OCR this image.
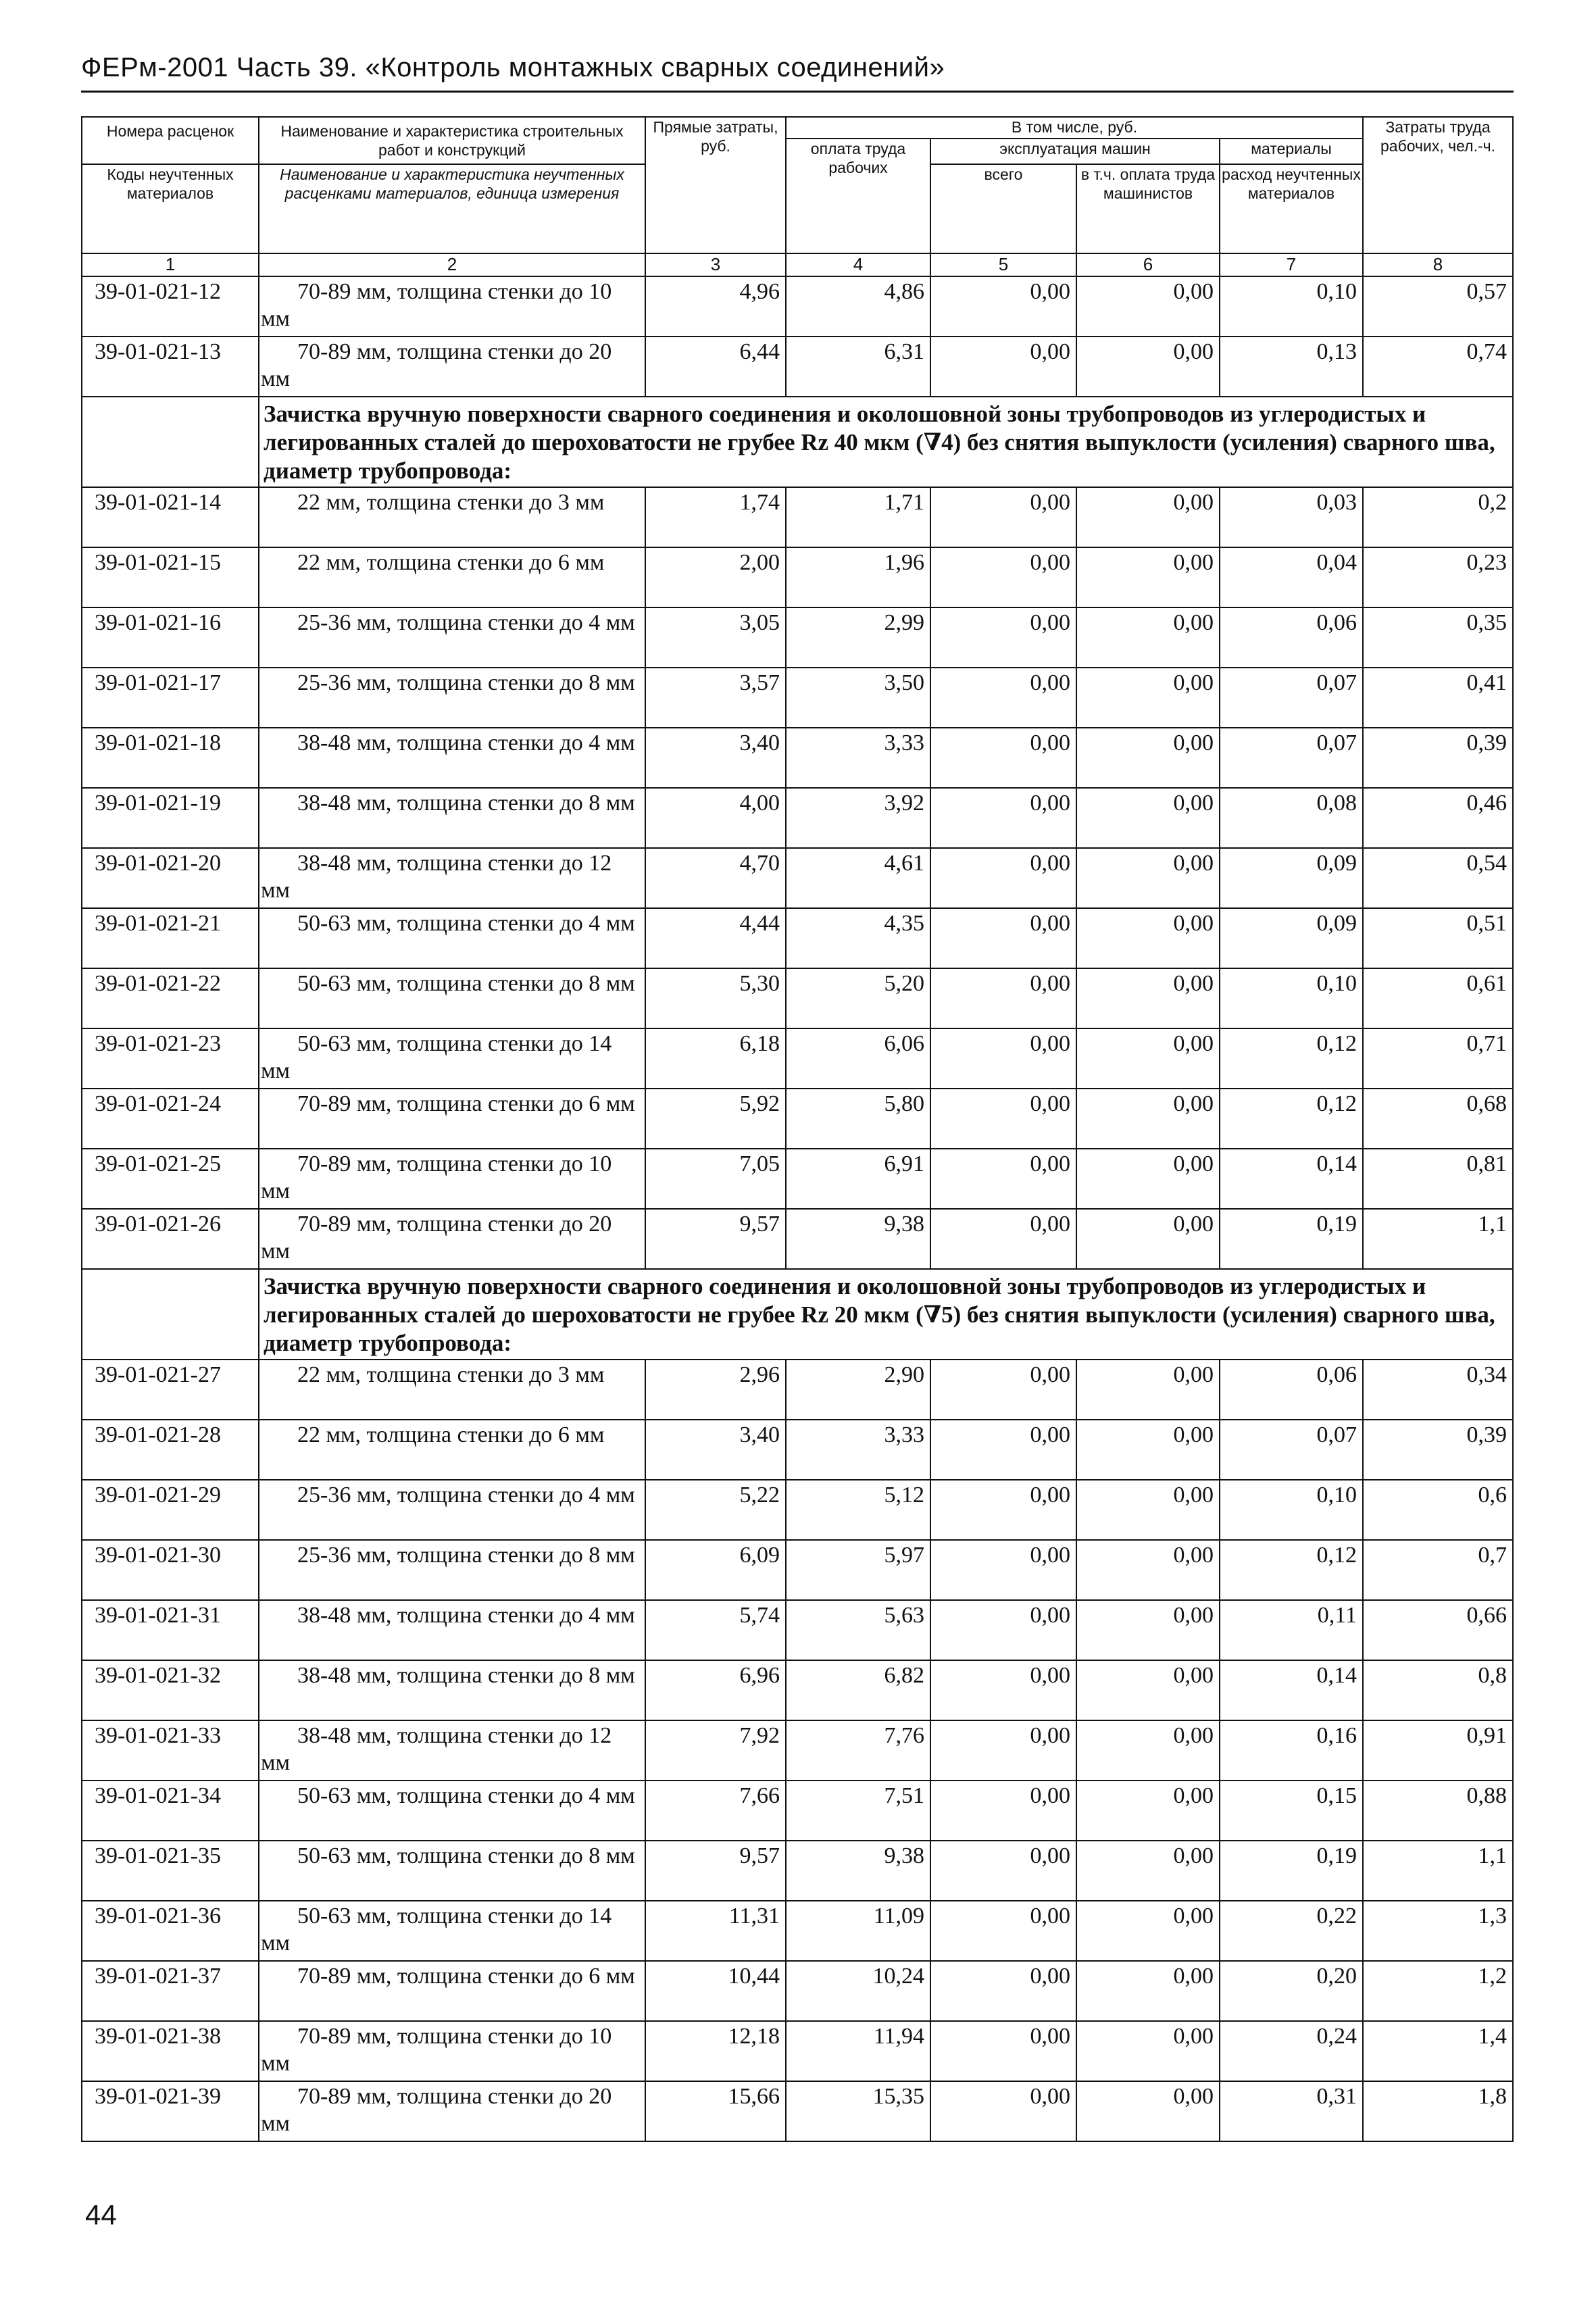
ФЕРм-2001 Часть 39. «Контроль монтажных сварных соединений»
Номера расценок	Наименование и характеристика строительных работ и конструкций	Прямые затраты, руб.	В том числе, руб.				Затраты труда рабочих, чел.-ч.
			оплата труда рабочих	эксплуатация машин		материалы	
Коды неучтенных материалов	Наименование и характеристика неучтенных расценками материалов, единица измерения			всего	в т.ч. оплата труда машинистов	расход неучтенных материалов	

1	2	3	4	5	6	7	8
39-01-021-12	70-89 мм, толщина стенки до 10 мм	4,96	4,86	0,00	0,00	0,10	0,57
39-01-021-13	70-89 мм, толщина стенки до 20 мм	6,44	6,31	0,00	0,00	0,13	0,74
	Зачистка вручную поверхности сварного соединения и околошовной зоны трубопроводов из углеродистых и легированных сталей до шероховатости не грубее Rz 40 мкм (∇4) без снятия выпуклости (усиления) сварного шва, диаметр трубопровода:						
39-01-021-14	22 мм, толщина стенки до 3 мм	1,74	1,71	0,00	0,00	0,03	0,2
39-01-021-15	22 мм, толщина стенки до 6 мм	2,00	1,96	0,00	0,00	0,04	0,23
39-01-021-16	25-36 мм, толщина стенки до 4 мм	3,05	2,99	0,00	0,00	0,06	0,35
39-01-021-17	25-36 мм, толщина стенки до 8 мм	3,57	3,50	0,00	0,00	0,07	0,41
39-01-021-18	38-48 мм, толщина стенки до 4 мм	3,40	3,33	0,00	0,00	0,07	0,39
39-01-021-19	38-48 мм, толщина стенки до 8 мм	4,00	3,92	0,00	0,00	0,08	0,46
39-01-021-20	38-48 мм, толщина стенки до 12 мм	4,70	4,61	0,00	0,00	0,09	0,54
39-01-021-21	50-63 мм, толщина стенки до 4 мм	4,44	4,35	0,00	0,00	0,09	0,51
39-01-021-22	50-63 мм, толщина стенки до 8 мм	5,30	5,20	0,00	0,00	0,10	0,61
39-01-021-23	50-63 мм, толщина стенки до 14 мм	6,18	6,06	0,00	0,00	0,12	0,71
39-01-021-24	70-89 мм, толщина стенки до 6 мм	5,92	5,80	0,00	0,00	0,12	0,68
39-01-021-25	70-89 мм, толщина стенки до 10 мм	7,05	6,91	0,00	0,00	0,14	0,81
39-01-021-26	70-89 мм, толщина стенки до 20 мм	9,57	9,38	0,00	0,00	0,19	1,1
	Зачистка вручную поверхности сварного соединения и околошовной зоны трубопроводов из углеродистых и легированных сталей до шероховатости не грубее Rz 20 мкм (∇5) без снятия выпуклости (усиления) сварного шва, диаметр трубопровода:						
39-01-021-27	22 мм, толщина стенки до 3 мм	2,96	2,90	0,00	0,00	0,06	0,34
39-01-021-28	22 мм, толщина стенки до 6 мм	3,40	3,33	0,00	0,00	0,07	0,39
39-01-021-29	25-36 мм, толщина стенки до 4 мм	5,22	5,12	0,00	0,00	0,10	0,6
39-01-021-30	25-36 мм, толщина стенки до 8 мм	6,09	5,97	0,00	0,00	0,12	0,7
39-01-021-31	38-48 мм, толщина стенки до 4 мм	5,74	5,63	0,00	0,00	0,11	0,66
39-01-021-32	38-48 мм, толщина стенки до 8 мм	6,96	6,82	0,00	0,00	0,14	0,8
39-01-021-33	38-48 мм, толщина стенки до 12 мм	7,92	7,76	0,00	0,00	0,16	0,91
39-01-021-34	50-63 мм, толщина стенки до 4 мм	7,66	7,51	0,00	0,00	0,15	0,88
39-01-021-35	50-63 мм, толщина стенки до 8 мм	9,57	9,38	0,00	0,00	0,19	1,1
39-01-021-36	50-63 мм, толщина стенки до 14 мм	11,31	11,09	0,00	0,00	0,22	1,3
39-01-021-37	70-89 мм, толщина стенки до 6 мм	10,44	10,24	0,00	0,00	0,20	1,2
39-01-021-38	70-89 мм, толщина стенки до 10 мм	12,18	11,94	0,00	0,00	0,24	1,4
39-01-021-39	70-89 мм, толщина стенки до 20 мм	15,66	15,35	0,00	0,00	0,31	1,8
44
